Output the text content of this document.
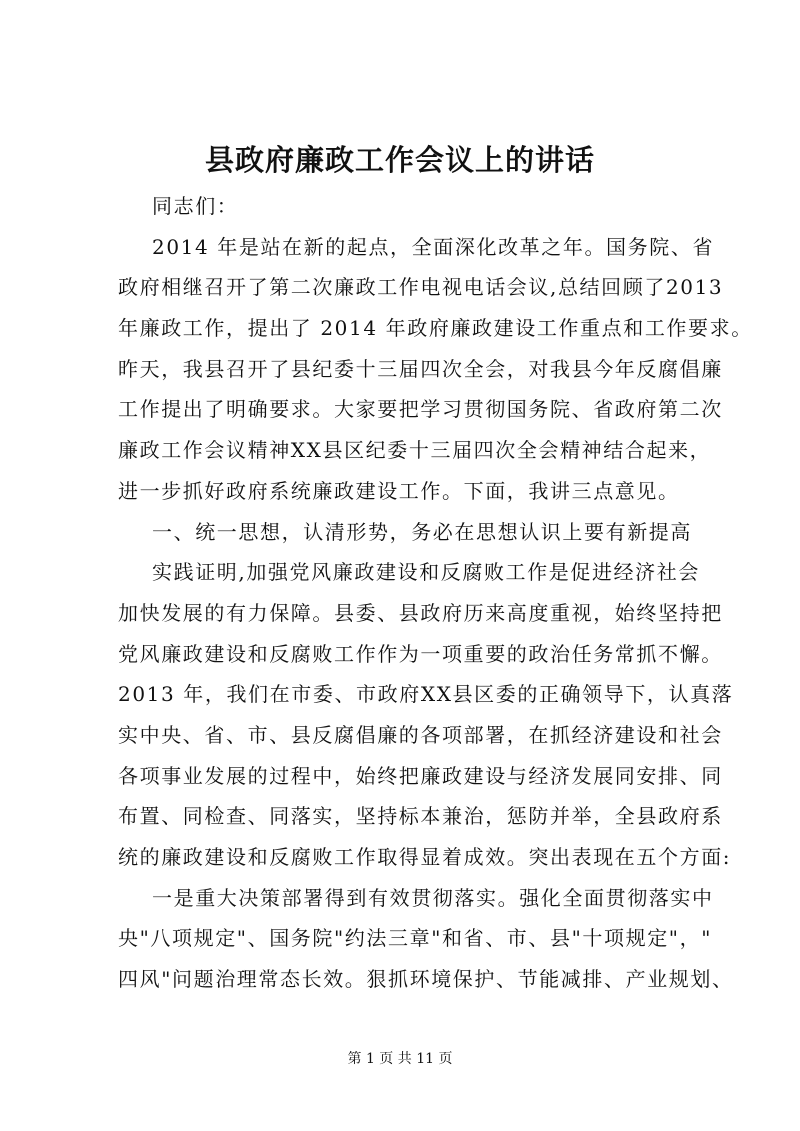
县政府廉政工作会议上的讲话
同志们：
2014 年是站在新的起点，全面深化改革之年。国务院、省
政府相继召开了第二次廉政工作电视电话会议,总结回顾了2013
年廉政工作，提出了 2014 年政府廉政建设工作重点和工作要求。
昨天，我县召开了县纪委十三届四次全会，对我县今年反腐倡廉
工作提出了明确要求。大家要把学习贯彻国务院、省政府第二次
廉政工作会议精神XX县区纪委十三届四次全会精神结合起来，
进一步抓好政府系统廉政建设工作。下面，我讲三点意见。
一、统一思想，认清形势，务必在思想认识上要有新提高
实践证明,加强党风廉政建设和反腐败工作是促进经济社会
加快发展的有力保障。县委、县政府历来高度重视，始终坚持把
党风廉政建设和反腐败工作作为一项重要的政治任务常抓不懈。
2013 年，我们在市委、市政府XX县区委的正确领导下，认真落
实中央、省、市、县反腐倡廉的各项部署，在抓经济建设和社会
各项事业发展的过程中，始终把廉政建设与经济发展同安排、同
布置、同检查、同落实，坚持标本兼治，惩防并举，全县政府系
统的廉政建设和反腐败工作取得显着成效。突出表现在五个方面:
一是重大决策部署得到有效贯彻落实。强化全面贯彻落实中
央"八项规定"、国务院"约法三章"和省、市、县"十项规定"，"
四风"问题治理常态长效。狠抓环境保护、节能减排、产业规划、
第 1 页 共 11 页
